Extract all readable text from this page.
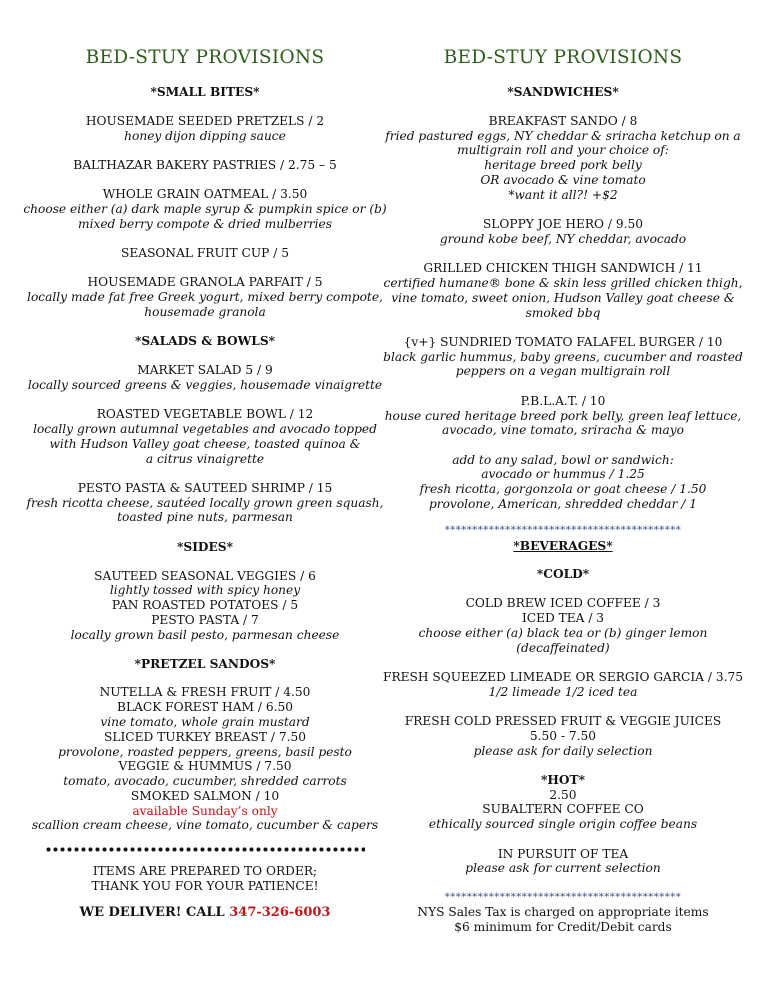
BED-STUY PROVISIONS
*SMALL BITES*
HOUSEMADE SEEDED PRETZELS / 2
honey dijon dipping sauce
BALTHAZAR BAKERY PASTRIES / 2.75 – 5
WHOLE GRAIN OATMEAL / 3.50
choose either (a) dark maple syrup & pumpkin spice or (b)
mixed berry compote & dried mulberries
SEASONAL FRUIT CUP / 5
HOUSEMADE GRANOLA PARFAIT / 5
locally made fat free Greek yogurt, mixed berry compote,
housemade granola
*SALADS & BOWLS*
MARKET SALAD 5 / 9
locally sourced greens & veggies, housemade vinaigrette
ROASTED VEGETABLE BOWL / 12
locally grown autumnal vegetables and avocado topped
with Hudson Valley goat cheese, toasted quinoa &
a citrus vinaigrette
PESTO PASTA & SAUTEED SHRIMP / 15
fresh ricotta cheese, sautéed locally grown green squash,
toasted pine nuts, parmesan
*SIDES*
SAUTEED SEASONAL VEGGIES / 6
lightly tossed with spicy honey
PAN ROASTED POTATOES / 5
PESTO PASTA / 7
locally grown basil pesto, parmesan cheese
*PRETZEL SANDOS*
NUTELLA & FRESH FRUIT / 4.50
BLACK FOREST HAM / 6.50
vine tomato, whole grain mustard
SLICED TURKEY BREAST / 7.50
provolone, roasted peppers, greens, basil pesto
VEGGIE & HUMMUS / 7.50
tomato, avocado, cucumber, shredded carrots
SMOKED SALMON / 10
available Sunday’s only
scallion cream cheese, vine tomato, cucumber & capers
ITEMS ARE PREPARED TO ORDER;
THANK YOU FOR YOUR PATIENCE!
WE DELIVER! CALL 347-326-6003
BED-STUY PROVISIONS
*SANDWICHES*
BREAKFAST SANDO / 8
fried pastured eggs, NY cheddar & sriracha ketchup on a
multigrain roll and your choice of:
heritage breed pork belly
OR avocado & vine tomato
*want it all?! +$2
SLOPPY JOE HERO / 9.50
ground kobe beef, NY cheddar, avocado
GRILLED CHICKEN THIGH SANDWICH / 11
certified humane® bone & skin less grilled chicken thigh,
vine tomato, sweet onion, Hudson Valley goat cheese &
smoked bbq
{v+} SUNDRIED TOMATO FALAFEL BURGER / 10
black garlic hummus, baby greens, cucumber and roasted
peppers on a vegan multigrain roll
P.B.L.A.T. / 10
house cured heritage breed pork belly, green leaf lettuce,
avocado, vine tomato, sriracha & mayo
add to any salad, bowl or sandwich:
avocado or hummus / 1.25
fresh ricotta, gorgonzola or goat cheese / 1.50
provolone, American, shredded cheddar / 1
*******************************************
*BEVERAGES*
*COLD*
COLD BREW ICED COFFEE / 3
ICED TEA / 3
choose either (a) black tea or (b) ginger lemon
(decaffeinated)
FRESH SQUEEZED LIMEADE OR SERGIO GARCIA / 3.75
1/2 limeade 1/2 iced tea
FRESH COLD PRESSED FRUIT & VEGGIE JUICES
5.50 - 7.50
please ask for daily selection
*HOT*
2.50
SUBALTERN COFFEE CO
ethically sourced single origin coffee beans
IN PURSUIT OF TEA
please ask for current selection
*******************************************
NYS Sales Tax is charged on appropriate items
$6 minimum for Credit/Debit cards
